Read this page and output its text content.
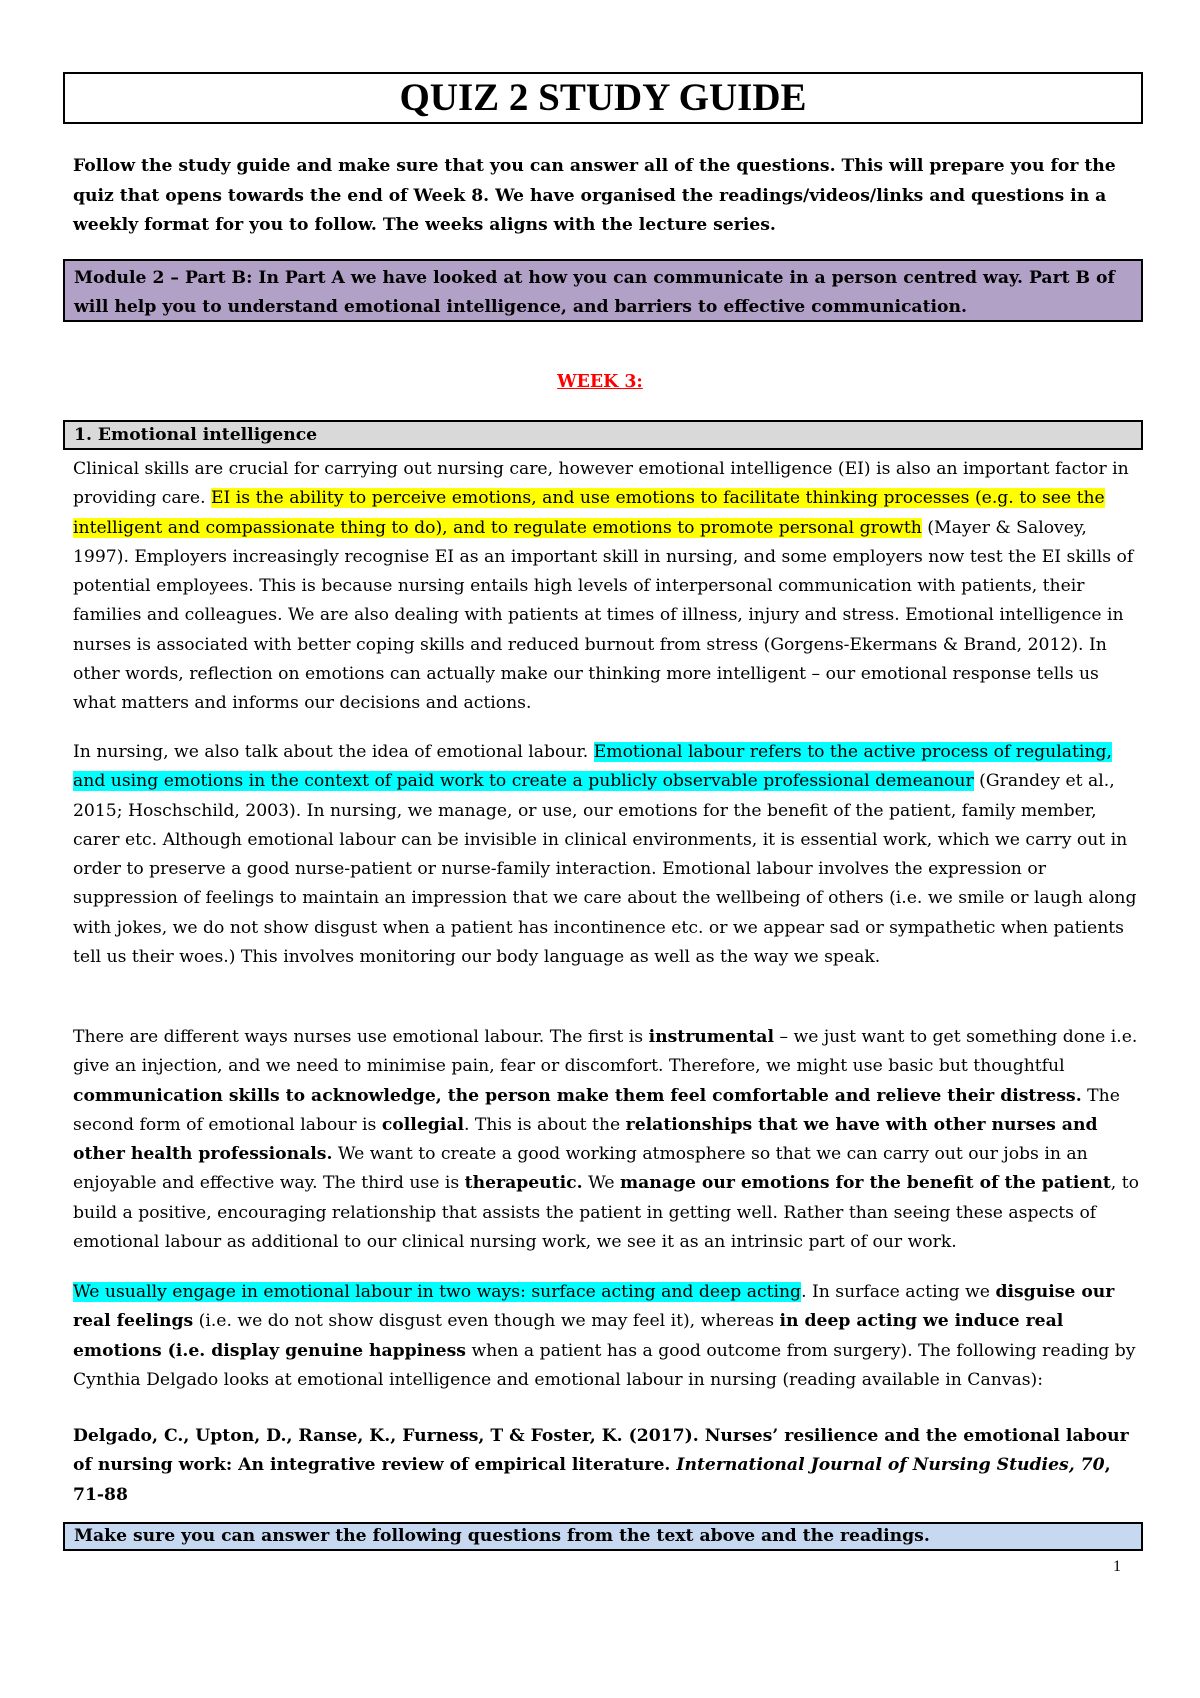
QUIZ 2 STUDY GUIDE
Follow the study guide and make sure that you can answer all of the questions. This will prepare you for the quiz that opens towards the end of Week 8. We have organised the readings/videos/links and questions in a weekly format for you to follow. The weeks aligns with the lecture series.
Module 2 – Part B: In Part A we have looked at how you can communicate in a person centred way. Part B of will help you to understand emotional intelligence, and barriers to effective communication.
WEEK 3:
1. Emotional intelligence
Clinical skills are crucial for carrying out nursing care, however emotional intelligence (EI) is also an important factor in providing care. EI is the ability to perceive emotions, and use emotions to facilitate thinking processes (e.g. to see the intelligent and compassionate thing to do), and to regulate emotions to promote personal growth (Mayer & Salovey, 1997). Employers increasingly recognise EI as an important skill in nursing, and some employers now test the EI skills of potential employees. This is because nursing entails high levels of interpersonal communication with patients, their families and colleagues. We are also dealing with patients at times of illness, injury and stress. Emotional intelligence in nurses is associated with better coping skills and reduced burnout from stress (Gorgens-Ekermans & Brand, 2012). In other words, reflection on emotions can actually make our thinking more intelligent – our emotional response tells us what matters and informs our decisions and actions.
In nursing, we also talk about the idea of emotional labour. Emotional labour refers to the active process of regulating, and using emotions in the context of paid work to create a publicly observable professional demeanour (Grandey et al., 2015; Hoschschild, 2003). In nursing, we manage, or use, our emotions for the benefit of the patient, family member, carer etc. Although emotional labour can be invisible in clinical environments, it is essential work, which we carry out in order to preserve a good nurse-patient or nurse-family interaction. Emotional labour involves the expression or suppression of feelings to maintain an impression that we care about the wellbeing of others (i.e. we smile or laugh along with jokes, we do not show disgust when a patient has incontinence etc. or we appear sad or sympathetic when patients tell us their woes.) This involves monitoring our body language as well as the way we speak.
There are different ways nurses use emotional labour. The first is instrumental – we just want to get something done i.e. give an injection, and we need to minimise pain, fear or discomfort. Therefore, we might use basic but thoughtful communication skills to acknowledge, the person make them feel comfortable and relieve their distress. The second form of emotional labour is collegial. This is about the relationships that we have with other nurses and other health professionals. We want to create a good working atmosphere so that we can carry out our jobs in an enjoyable and effective way. The third use is therapeutic. We manage our emotions for the benefit of the patient, to build a positive, encouraging relationship that assists the patient in getting well. Rather than seeing these aspects of emotional labour as additional to our clinical nursing work, we see it as an intrinsic part of our work.
We usually engage in emotional labour in two ways: surface acting and deep acting. In surface acting we disguise our real feelings (i.e. we do not show disgust even though we may feel it), whereas in deep acting we induce real emotions (i.e. display genuine happiness when a patient has a good outcome from surgery). The following reading by Cynthia Delgado looks at emotional intelligence and emotional labour in nursing (reading available in Canvas):
Delgado, C., Upton, D., Ranse, K., Furness, T & Foster, K. (2017). Nurses’ resilience and the emotional labour of nursing work: An integrative review of empirical literature. International Journal of Nursing Studies, 70, 71-88
Make sure you can answer the following questions from the text above and the readings.
1
